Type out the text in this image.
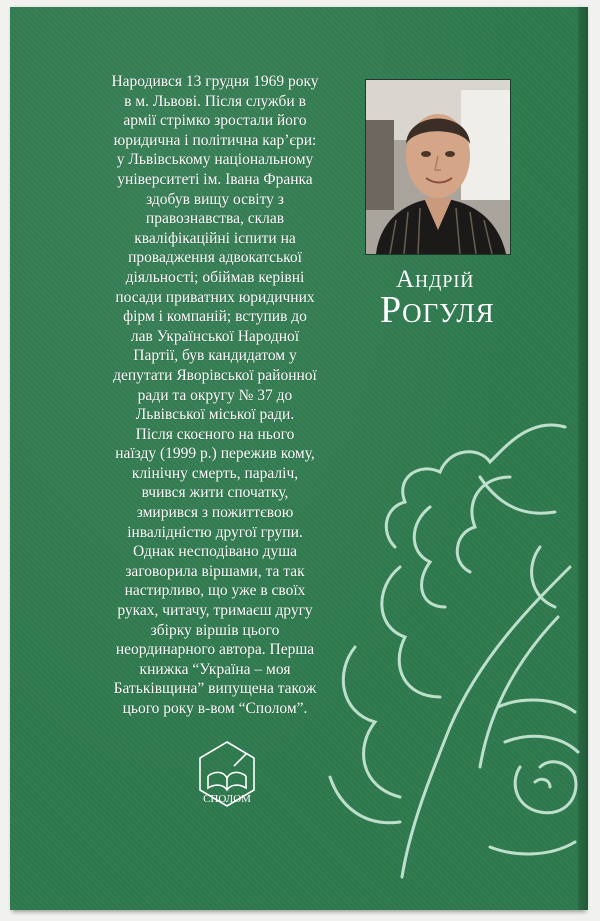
Народився 13 грудня 1969 року
в м. Львові. Після служби в
армії стрімко зростали його
юридична і політична кар’єри:
у Львівському національному
університеті ім. Івана Франка
здобув вищу освіту з
правознавства, склав
кваліфікаційні іспити на
провадження адвокатської
діяльності; обіймав керівні
посади приватних юридичних
фірм і компаній; вступив до
лав Української Народної
Партії, був кандидатом у
депутати Яворівської районної
ради та округу № 37 до
Львівської міської ради.
Після скоєного на нього
наїзду (1999 р.) пережив кому,
клінічну смерть, параліч,
вчився жити спочатку,
змирився з пожиттєвою
інвалідністю другої групи.
Однак несподівано душа
заговорила віршами, та так
настирливо, що уже в своїх
руках, читачу, тримаєш другу
збірку віршів цього
неординарного автора. Перша
книжка “Україна – моя
Батьківщина” випущена також
цього року в-вом “Сполом”.
Андрій
Рогуля
СПОЛОМ
